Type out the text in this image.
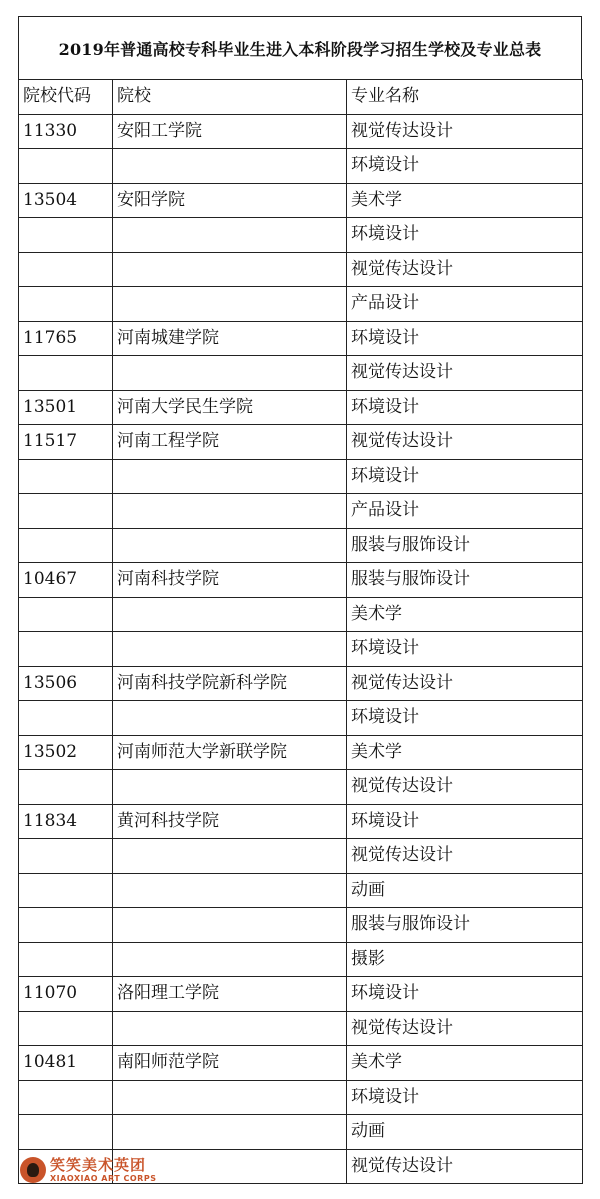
2019年普通高校专科毕业生进入本科阶段学习招生学校及专业总表
院校代码	院校	专业名称
11330	安阳工学院	视觉传达设计
		环境设计
13504	安阳学院	美术学
		环境设计
		视觉传达设计
		产品设计
11765	河南城建学院	环境设计
		视觉传达设计
13501	河南大学民生学院	环境设计
11517	河南工程学院	视觉传达设计
		环境设计
		产品设计
		服装与服饰设计
10467	河南科技学院	服装与服饰设计
		美术学
		环境设计
13506	河南科技学院新科学院	视觉传达设计
		环境设计
13502	河南师范大学新联学院	美术学
		视觉传达设计
11834	黄河科技学院	环境设计
		视觉传达设计
		动画
		服装与服饰设计
		摄影
11070	洛阳理工学院	环境设计
		视觉传达设计
10481	南阳师范学院	美术学
		环境设计
		动画
		视觉传达设计
笑笑美术英团
XIAOXIAO ART CORPS
